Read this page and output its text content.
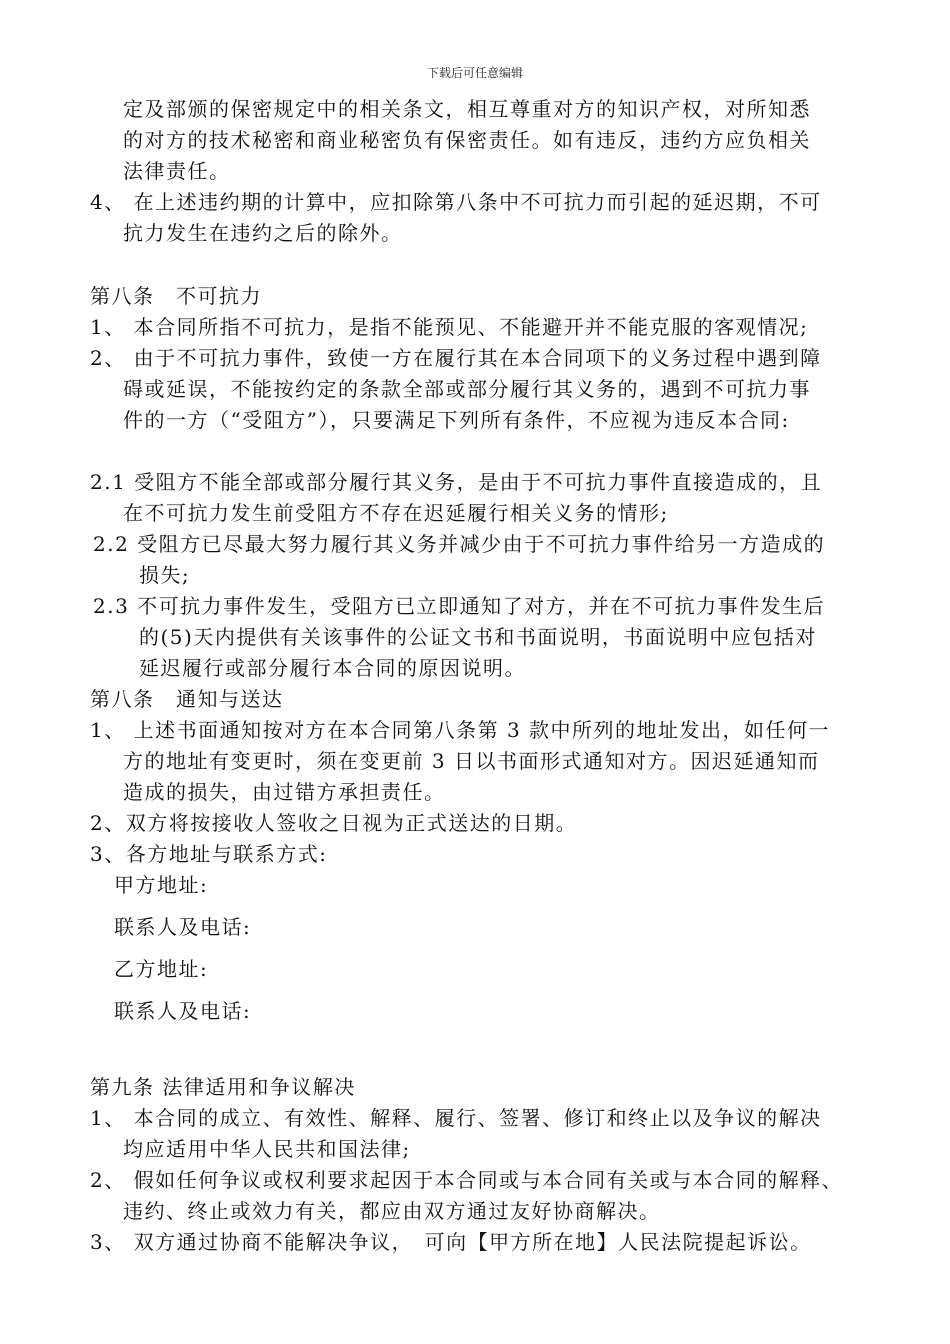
下载后可任意编辑
定及部颁的保密规定中的相关条文，相互尊重对方的知识产权，对所知悉
的对方的技术秘密和商业秘密负有保密责任。如有违反，违约方应负相关
法律责任。
4、 在上述违约期的计算中，应扣除第八条中不可抗力而引起的延迟期，不可
抗力发生在违约之后的除外。
第八条　不可抗力
1、 本合同所指不可抗力，是指不能预见、不能避开并不能克服的客观情况;
2、 由于不可抗力事件，致使一方在履行其在本合同项下的义务过程中遇到障
碍或延误，不能按约定的条款全部或部分履行其义务的，遇到不可抗力事
件的一方（“受阻方”），只要满足下列所有条件，不应视为违反本合同:
2.1 受阻方不能全部或部分履行其义务，是由于不可抗力事件直接造成的，且
在不可抗力发生前受阻方不存在迟延履行相关义务的情形;
2.2 受阻方已尽最大努力履行其义务并减少由于不可抗力事件给另一方造成的
损失;
2.3 不可抗力事件发生，受阻方已立即通知了对方，并在不可抗力事件发生后
的(5)天内提供有关该事件的公证文书和书面说明，书面说明中应包括对
延迟履行或部分履行本合同的原因说明。
第八条　通知与送达
1、 上述书面通知按对方在本合同第八条第 3 款中所列的地址发出，如任何一
方的地址有变更时，须在变更前 3 日以书面形式通知对方。因迟延通知而
造成的损失，由过错方承担责任。
2、双方将按接收人签收之日视为正式送达的日期。
3、各方地址与联系方式:
甲方地址:
联系人及电话:
乙方地址:
联系人及电话:
第九条 法律适用和争议解决
1、 本合同的成立、有效性、解释、履行、签署、修订和终止以及争议的解决
均应适用中华人民共和国法律;
2、 假如任何争议或权利要求起因于本合同或与本合同有关或与本合同的解释、
违约、终止或效力有关，都应由双方通过友好协商解决。
3、 双方通过协商不能解决争议，　可向【甲方所在地】人民法院提起诉讼。
